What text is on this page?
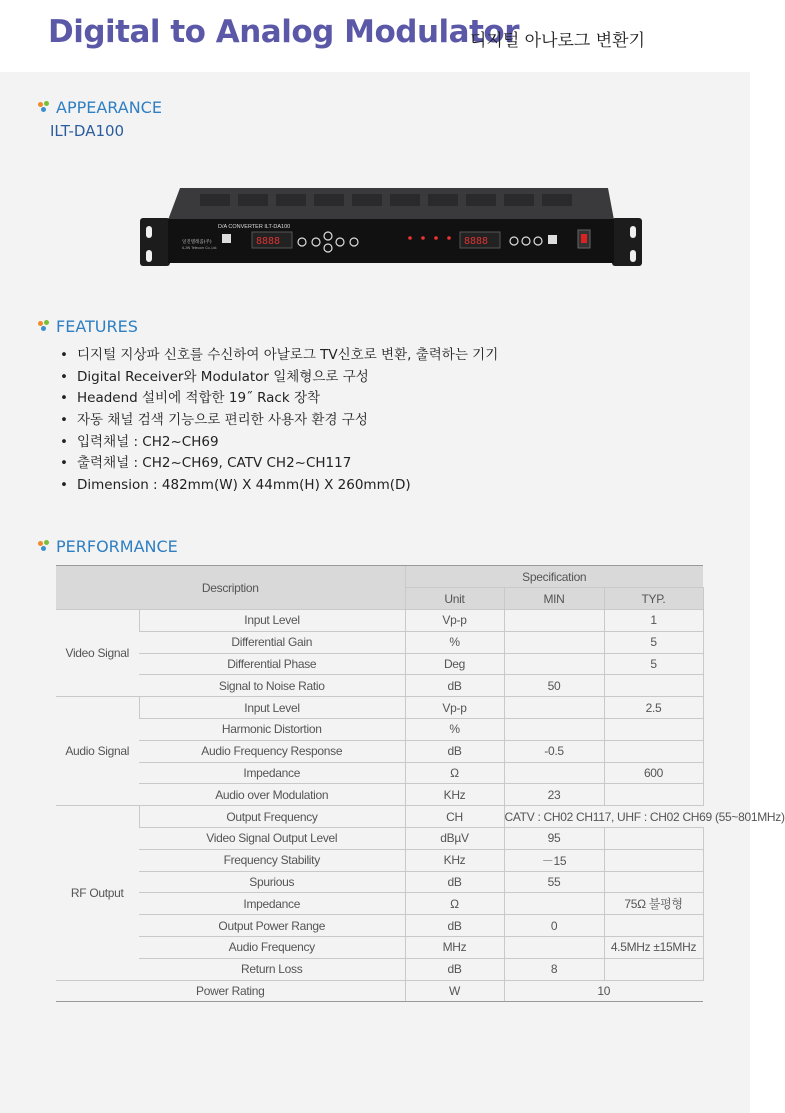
Digital to Analog Modulator
디지털 아나로그 변환기
APPEARANCE
ILT-DA100
D/A CONVERTER ILT-DA100
일진텔레콤(주)
ILJIN Telecom Co.,Ltd.
8888	8888
FEATURES
• 디지털 지상파 신호를 수신하여 아날로그 TV신호로 변환, 출력하는 기기
• Digital Receiver와 Modulator 일체형으로 구성
• Headend 설비에 적합한 19˝ Rack 장착
• 자동 채널 검색 기능으로 편리한 사용자 환경 구성
• 입력채널 : CH2~CH69
• 출력채널 : CH2~CH69, CATV CH2~CH117
• Dimension : 482mm(W) X 44mm(H) X 260mm(D)
PERFORMANCE
Description		Specification			
		Unit	MIN	TYP.	
Video Signal	Input Level	Vp-p		1	
	Differential Gain	%		5	
	Differential Phase	Deg		5	
	Signal to Noise Ratio	dB	50		
Audio Signal	Input Level	Vp-p		2.5	
	Harmonic Distortion	%			
	Audio Frequency Response	dB	-0.5		
	Impedance	Ω		600	
	Audio over Modulation	KHz	23		
RF Output	Output Frequency	CH	CATV : CH02 CH117, UHF : CH02 CH69 (55~801MHz)		
	Video Signal Output Level	dBµV	95		
	Frequency Stability	KHz	－15		
	Spurious	dB	55		
	Impedance	Ω		75Ω 불평형	
	Output Power Range	dB	0		
	Audio Frequency	MHz		4.5MHz ±15MHz	
	Return Loss	dB	8		
Power Rating		W	10		
